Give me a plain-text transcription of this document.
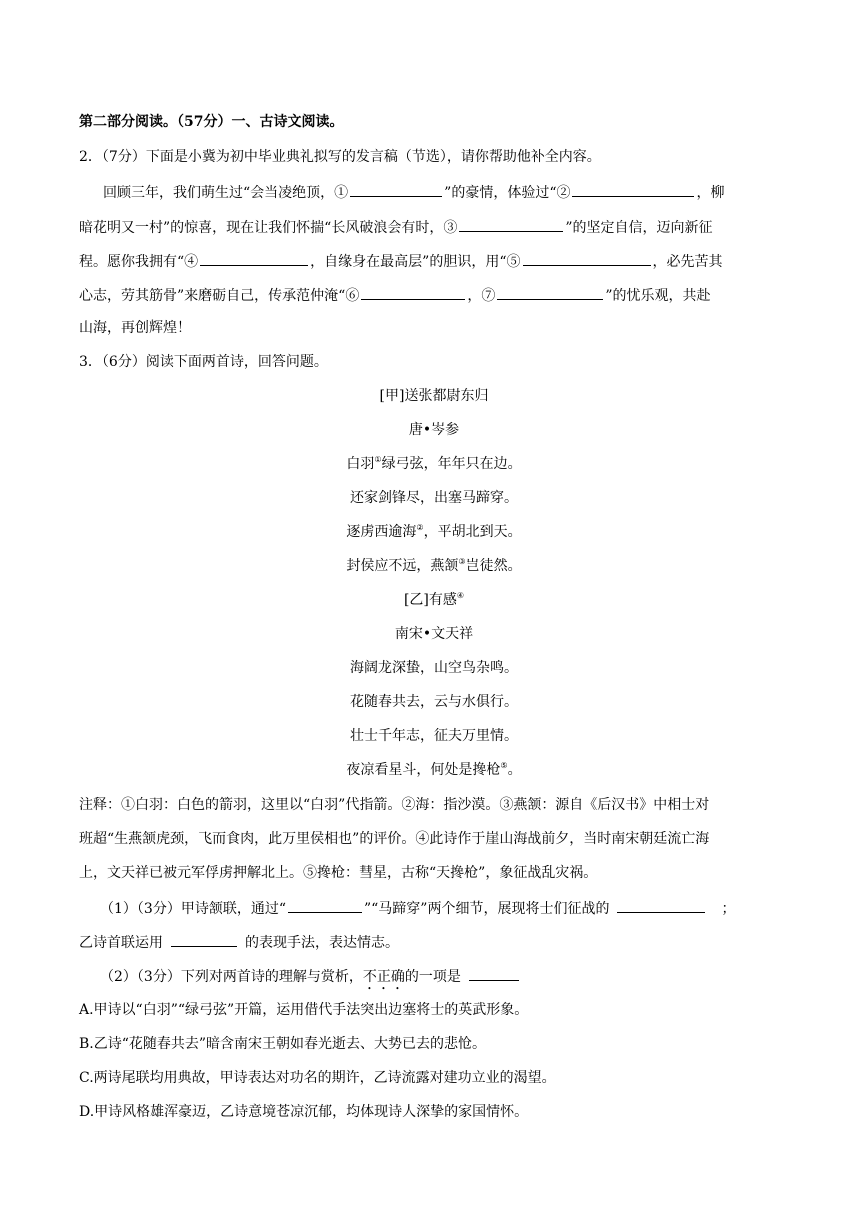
第二部分阅读。（57分）一、古诗文阅读。
2．（7分）下面是小冀为初中毕业典礼拟写的发言稿（节选），请你帮助他补全内容。
回顾三年，我们萌生过“会当凌绝顶，①	”的豪情，体验过“②	，柳
暗花明又一村”的惊喜，现在让我们怀揣“长风破浪会有时，③	”的坚定自信，迈向新征
程。愿你我拥有“④	，自缘身在最高层”的胆识，用“⑤	，必先苦其
心志，劳其筋骨”来磨砺自己，传承范仲淹“⑥	，⑦	”的忧乐观，共赴
山海，再创辉煌！
3．（6分）阅读下面两首诗，回答问题。
[甲]送张都尉东归
唐•岑参
白羽①绿弓弦，年年只在边。
还家剑锋尽，出塞马蹄穿。
逐虏西逾海②，平胡北到天。
封侯应不远，燕颔③岂徒然。
[乙]有感④
南宋•文天祥
海阔龙深蛰，山空鸟杂鸣。
花随春共去，云与水俱行。
壮士千年志，征夫万里情。
夜凉看星斗，何处是搀枪⑤。
注释：①白羽：白色的箭羽，这里以“白羽”代指箭。②海：指沙漠。③燕颔：源自《后汉书》中相士对
班超“生燕颔虎颈，飞而食肉，此万里侯相也”的评价。④此诗作于崖山海战前夕，当时南宋朝廷流亡海
上，文天祥已被元军俘虏押解北上。⑤搀枪：彗星，古称“天搀枪”，象征战乱灾祸。
（1）（3分）甲诗颔联，通过“	”“马蹄穿”两个细节，展现将士们征战的	；
乙诗首联运用	的表现手法，表达情志。
（2）（3分）下列对两首诗的理解与赏析，不正确的一项是
A.甲诗以“白羽”“绿弓弦”开篇，运用借代手法突出边塞将士的英武形象。
B.乙诗“花随春共去”暗含南宋王朝如春光逝去、大势已去的悲怆。
C.两诗尾联均用典故，甲诗表达对功名的期许，乙诗流露对建功立业的渴望。
D.甲诗风格雄浑豪迈，乙诗意境苍凉沉郁，均体现诗人深挚的家国情怀。
